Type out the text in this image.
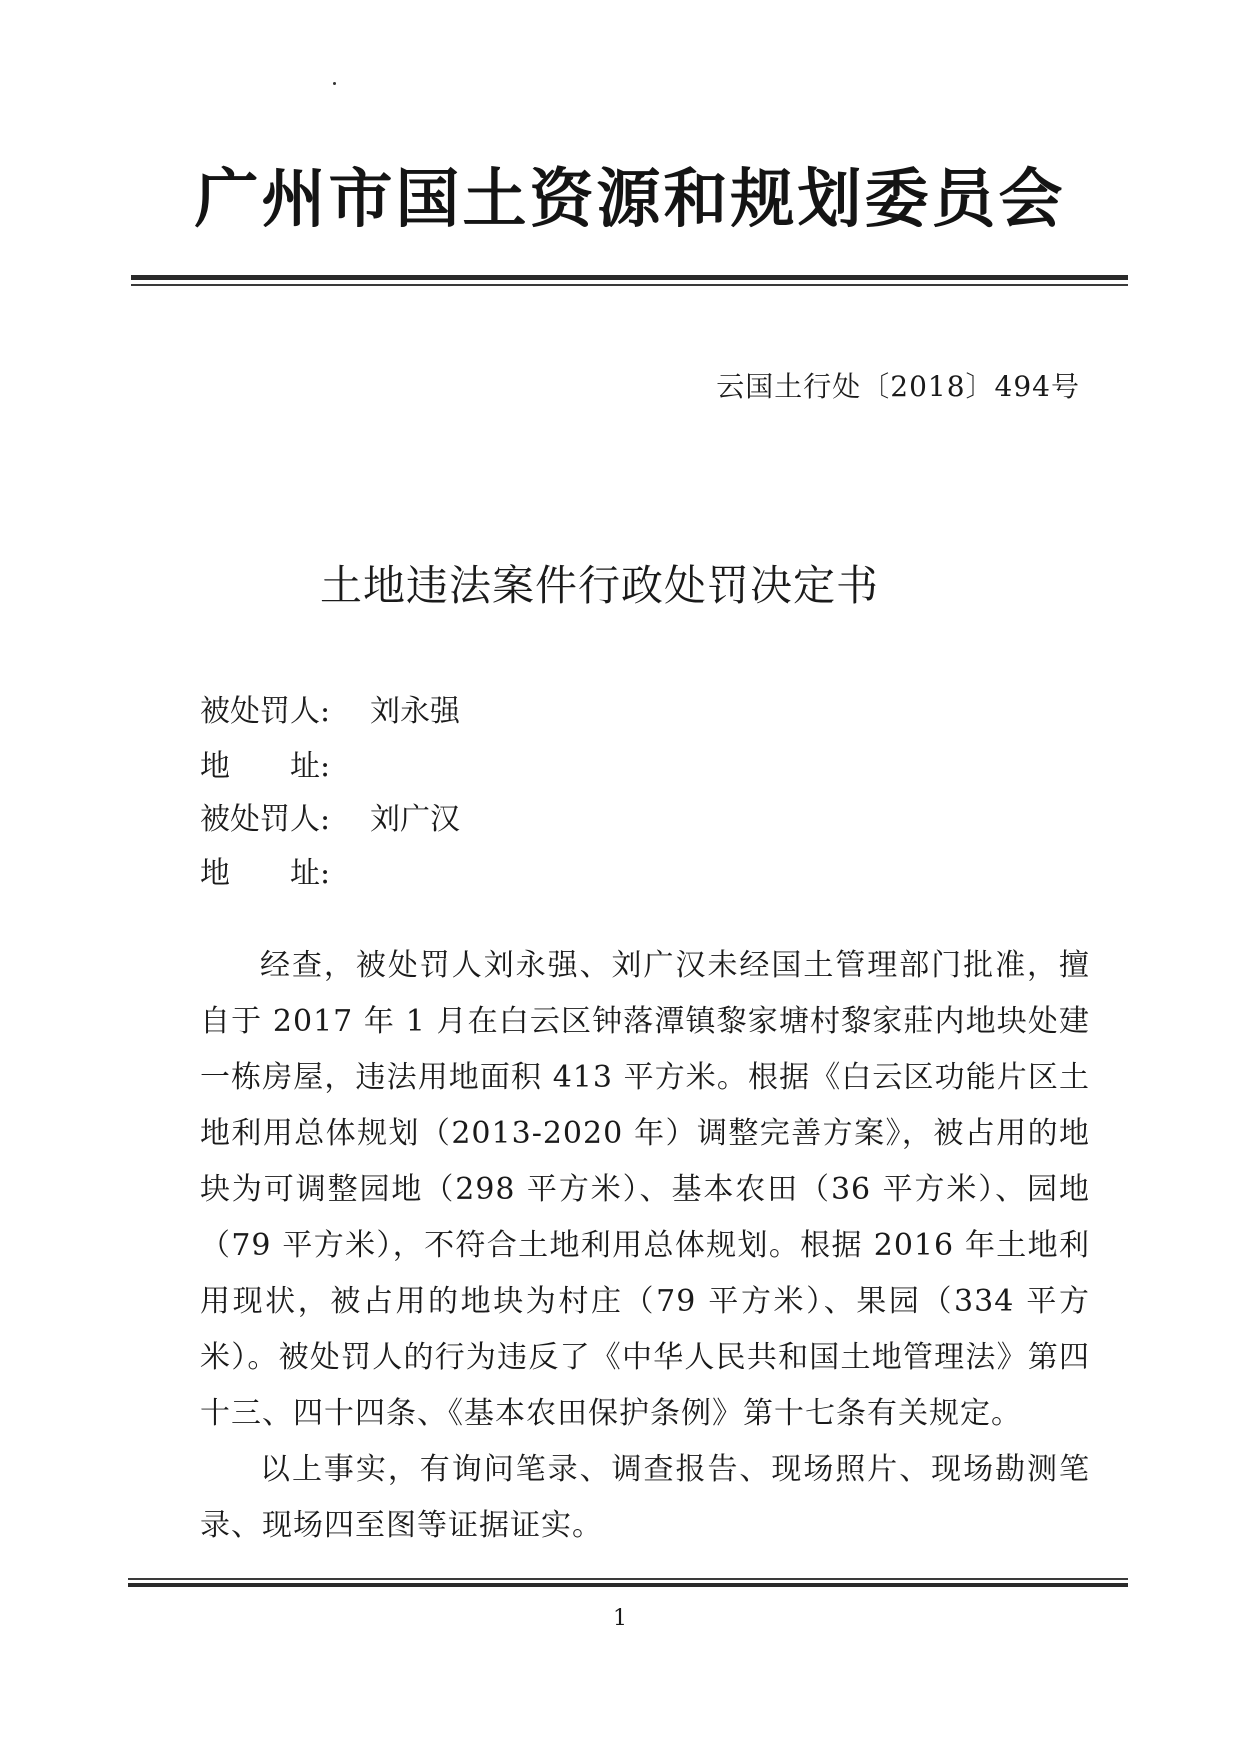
广州市国土资源和规划委员会
云国土行处〔2018〕494号
土地违法案件行政处罚决定书
被处罚人: 刘永强
地　　址:
被处罚人: 刘广汉
地　　址:

经查，被处罚人刘永强、刘广汉未经国土管理部门批准，擅自于 2017 年 1 月在白云区钟落潭镇黎家塘村黎家莊内地块处建一栋房屋，违法用地面积 413 平方米。根据《白云区功能片区土地利用总体规划（2013-2020 年）调整完善方案》，被占用的地块为可调整园地（298 平方米）、基本农田（36 平方米）、园地（79 平方米），不符合土地利用总体规划。根据 2016 年土地利用现状，被占用的地块为村庄（79 平方米）、果园（334 平方米）。被处罚人的行为违反了《中华人民共和国土地管理法》第四十三、四十四条、《基本农田保护条例》第十七条有关规定。

以上事实，有询问笔录、调查报告、现场照片、现场勘测笔录、现场四至图等证据证实。

1
